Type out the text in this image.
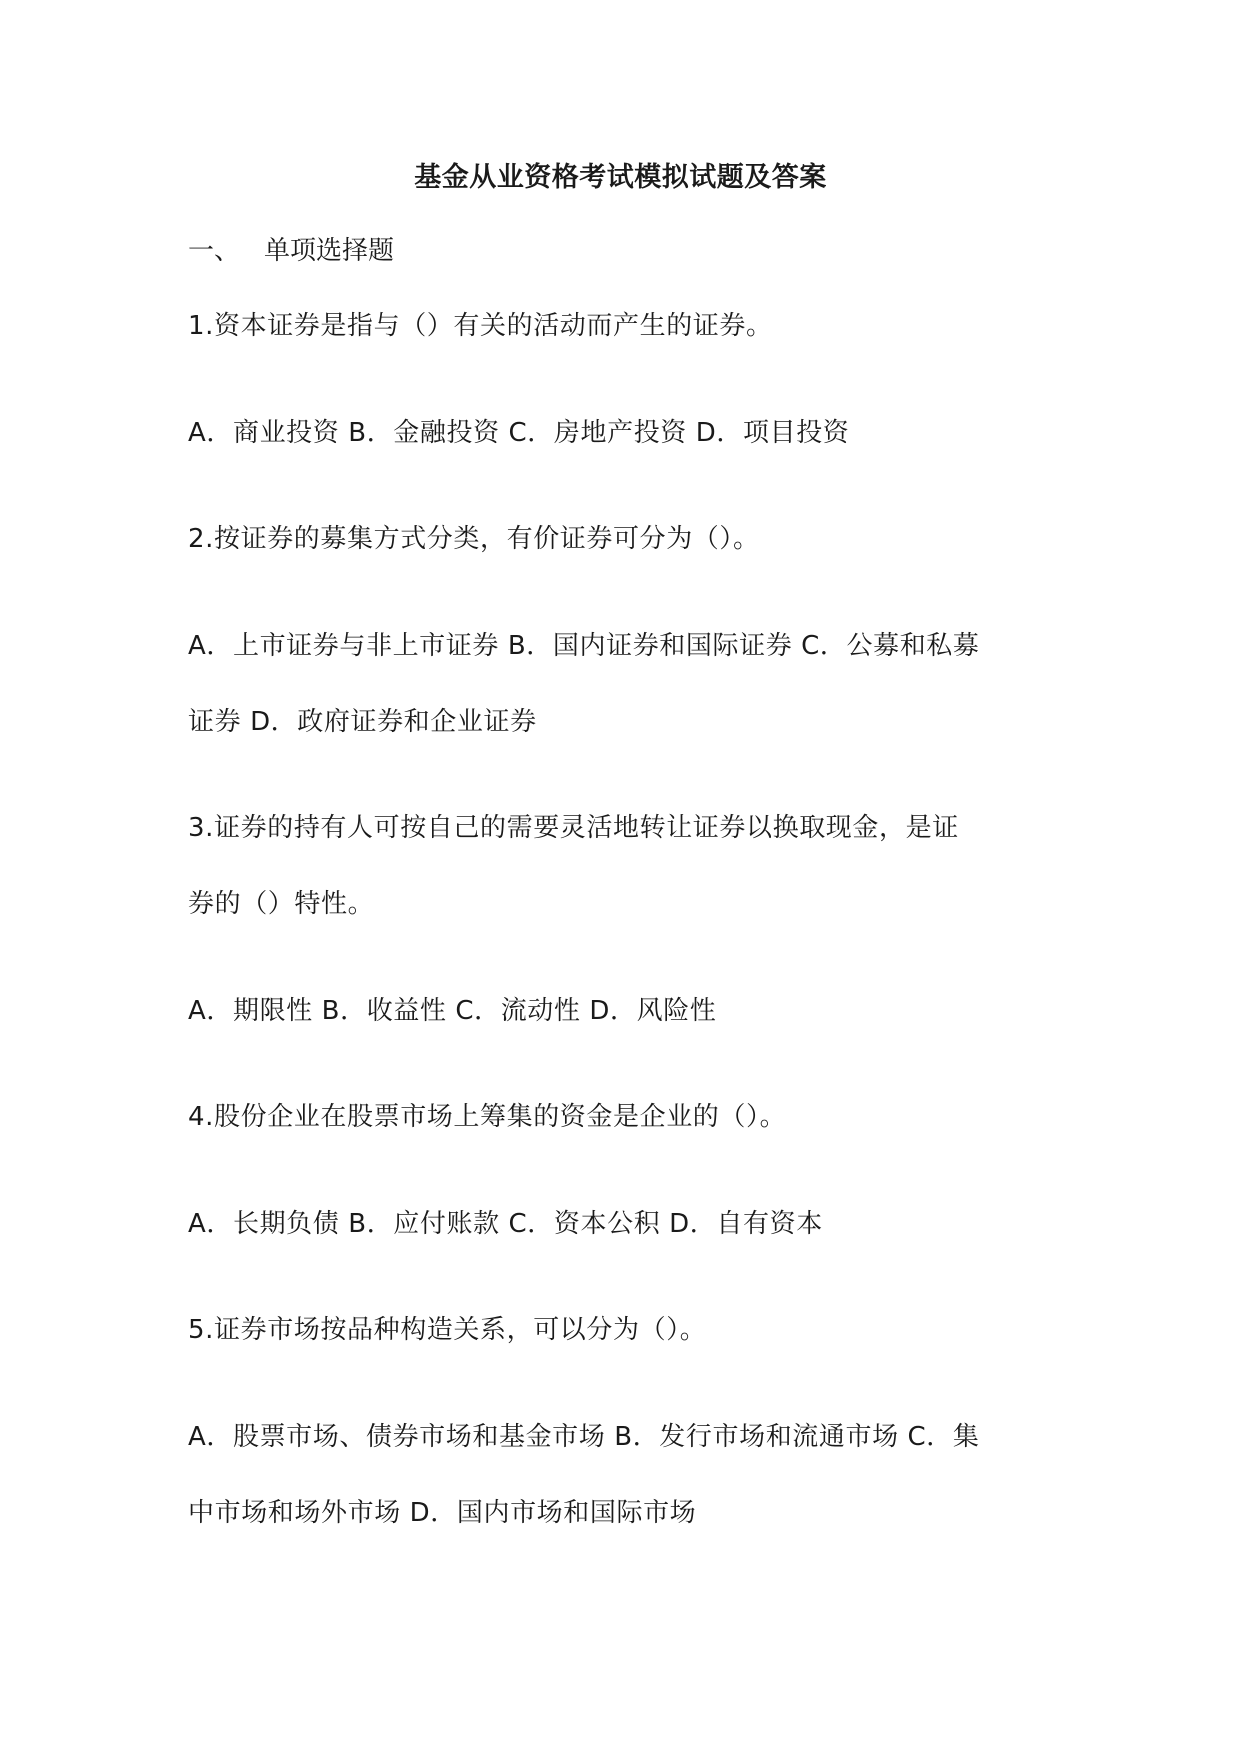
基金从业资格考试模拟试题及答案
一、 单项选择题
1.资本证券是指与（）有关的活动而产生的证券。
A．商业投资 B．金融投资 C．房地产投资 D．项目投资
2.按证券的募集方式分类，有价证券可分为（）。
A．上市证券与非上市证券 B．国内证券和国际证券 C．公募和私募
证券 D．政府证券和企业证券
3.证券的持有人可按自己的需要灵活地转让证券以换取现金，是证
券的（）特性。
A．期限性 B．收益性 C．流动性 D．风险性
4.股份企业在股票市场上筹集的资金是企业的（）。
A．长期负债 B．应付账款 C．资本公积 D．自有资本
5.证券市场按品种构造关系，可以分为（）。
A．股票市场、债券市场和基金市场 B．发行市场和流通市场 C．集
中市场和场外市场 D．国内市场和国际市场
